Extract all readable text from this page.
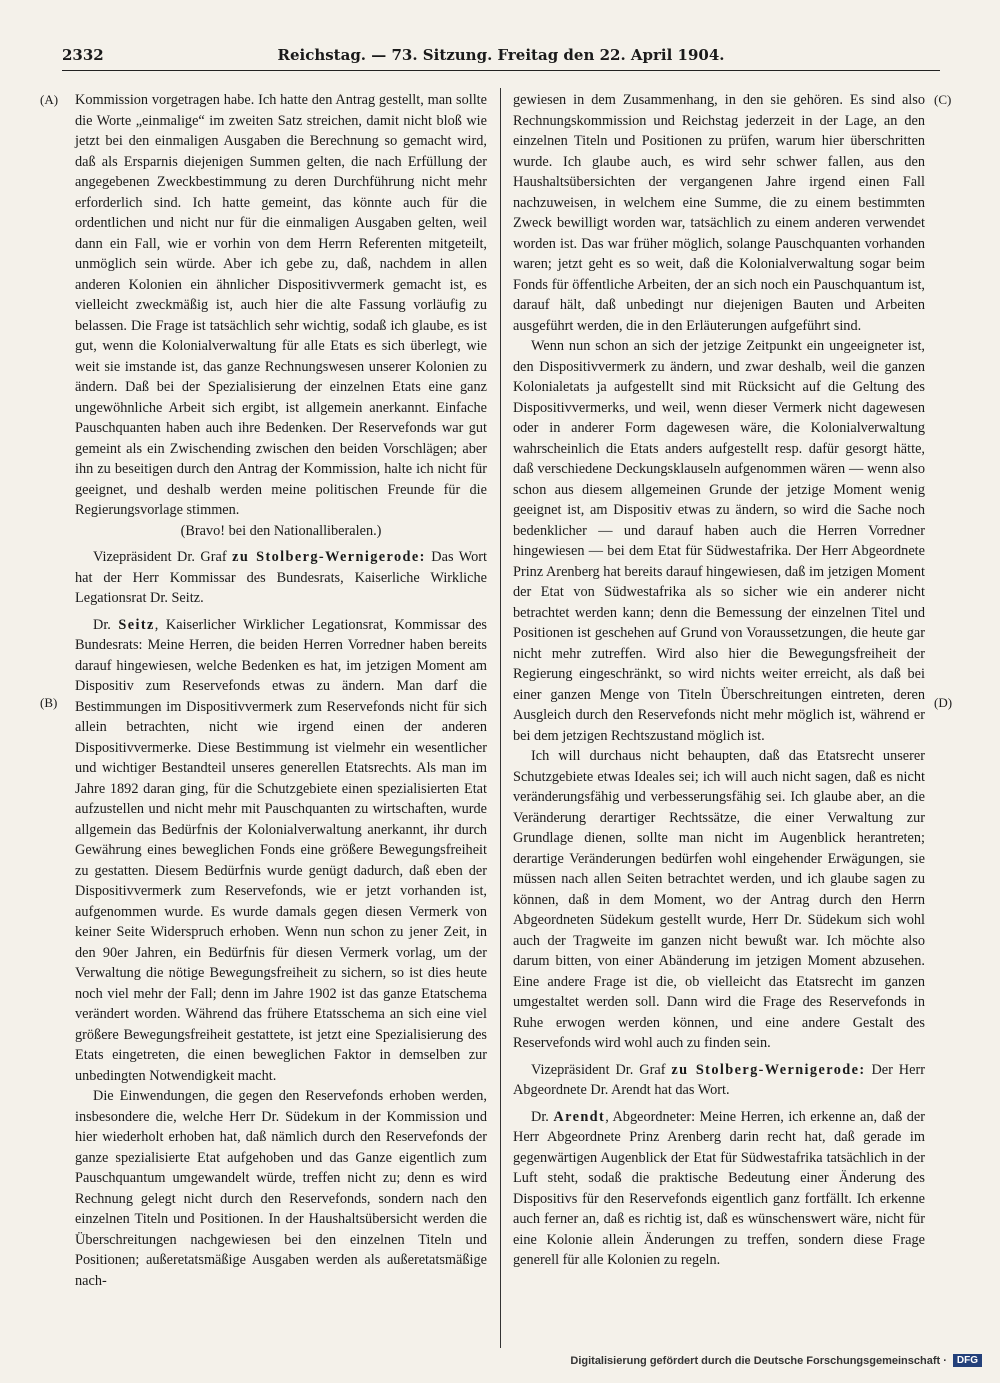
2332	Reichstag. — 73. Sitzung. Freitag den 22. April 1904.
(A)
(B)
(C)
(D)

Kommission vorgetragen habe. Ich hatte den Antrag gestellt, man sollte die Worte „einmalige“ im zweiten Satz streichen, damit nicht bloß wie jetzt bei den einmaligen Ausgaben die Berechnung so gemacht wird, daß als Ersparnis diejenigen Summen gelten, die nach Erfüllung der angegebenen Zweckbestimmung zu deren Durchführung nicht mehr erforderlich sind. Ich hatte gemeint, das könnte auch für die ordentlichen und nicht nur für die einmaligen Ausgaben gelten, weil dann ein Fall, wie er vorhin von dem Herrn Referenten mitgeteilt, unmöglich sein würde. Aber ich gebe zu, daß, nachdem in allen anderen Kolonien ein ähnlicher Dispositivvermerk gemacht ist, es vielleicht zweckmäßig ist, auch hier die alte Fassung vorläufig zu belassen. Die Frage ist tatsächlich sehr wichtig, sodaß ich glaube, es ist gut, wenn die Kolonialverwaltung für alle Etats es sich überlegt, wie weit sie imstande ist, das ganze Rechnungswesen unserer Kolonien zu ändern. Daß bei der Spezialisierung der einzelnen Etats eine ganz ungewöhnliche Arbeit sich ergibt, ist allgemein anerkannt. Einfache Pauschquanten haben auch ihre Bedenken. Der Reservefonds war gut gemeint als ein Zwischending zwischen den beiden Vorschlägen; aber ihn zu beseitigen durch den Antrag der Kommission, halte ich nicht für geeignet, und deshalb werden meine politischen Freunde für die Regierungsvorlage stimmen.

(Bravo! bei den Nationalliberalen.)

Vizepräsident Dr. Graf zu Stolberg-Wernigerode: Das Wort hat der Herr Kommissar des Bundesrats, Kaiserliche Wirkliche Legationsrat Dr. Seitz.

Dr. Seitz, Kaiserlicher Wirklicher Legationsrat, Kommissar des Bundesrats: Meine Herren, die beiden Herren Vorredner haben bereits darauf hingewiesen, welche Bedenken es hat, im jetzigen Moment am Dispositiv zum Reservefonds etwas zu ändern. Man darf die Bestimmungen im Dispositivvermerk zum Reservefonds nicht für sich allein betrachten, nicht wie irgend einen der anderen Dispositivvermerke. Diese Bestimmung ist vielmehr ein wesentlicher und wichtiger Bestandteil unseres generellen Etatsrechts. Als man im Jahre 1892 daran ging, für die Schutzgebiete einen spezialisierten Etat aufzustellen und nicht mehr mit Pauschquanten zu wirtschaften, wurde allgemein das Bedürfnis der Kolonialverwaltung anerkannt, ihr durch Gewährung eines beweglichen Fonds eine größere Bewegungsfreiheit zu gestatten. Diesem Bedürfnis wurde genügt dadurch, daß eben der Dispositivvermerk zum Reservefonds, wie er jetzt vorhanden ist, aufgenommen wurde. Es wurde damals gegen diesen Vermerk von keiner Seite Widerspruch erhoben. Wenn nun schon zu jener Zeit, in den 90er Jahren, ein Bedürfnis für diesen Vermerk vorlag, um der Verwaltung die nötige Bewegungsfreiheit zu sichern, so ist dies heute noch viel mehr der Fall; denn im Jahre 1902 ist das ganze Etatschema verändert worden. Während das frühere Etatsschema an sich eine viel größere Bewegungsfreiheit gestattete, ist jetzt eine Spezialisierung des Etats eingetreten, die einen beweglichen Faktor in demselben zur unbedingten Notwendigkeit macht.

Die Einwendungen, die gegen den Reservefonds erhoben werden, insbesondere die, welche Herr Dr. Südekum in der Kommission und hier wiederholt erhoben hat, daß nämlich durch den Reservefonds der ganze spezialisierte Etat aufgehoben und das Ganze eigentlich zum Pauschquantum umgewandelt würde, treffen nicht zu; denn es wird Rechnung gelegt nicht durch den Reservefonds, sondern nach den einzelnen Titeln und Positionen. In der Haushaltsübersicht werden die Überschreitungen nachgewiesen bei den einzelnen Titeln und Positionen; außeretatsmäßige Ausgaben werden als außeretatsmäßige nach-

gewiesen in dem Zusammenhang, in den sie gehören. Es sind also Rechnungskommission und Reichstag jederzeit in der Lage, an den einzelnen Titeln und Positionen zu prüfen, warum hier überschritten wurde. Ich glaube auch, es wird sehr schwer fallen, aus den Haushaltsübersichten der vergangenen Jahre irgend einen Fall nachzuweisen, in welchem eine Summe, die zu einem bestimmten Zweck bewilligt worden war, tatsächlich zu einem anderen verwendet worden ist. Das war früher möglich, solange Pauschquanten vorhanden waren; jetzt geht es so weit, daß die Kolonialverwaltung sogar beim Fonds für öffentliche Arbeiten, der an sich noch ein Pauschquantum ist, darauf hält, daß unbedingt nur diejenigen Bauten und Arbeiten ausgeführt werden, die in den Erläuterungen aufgeführt sind.

Wenn nun schon an sich der jetzige Zeitpunkt ein ungeeigneter ist, den Dispositivvermerk zu ändern, und zwar deshalb, weil die ganzen Kolonialetats ja aufgestellt sind mit Rücksicht auf die Geltung des Dispositivvermerks, und weil, wenn dieser Vermerk nicht dagewesen oder in anderer Form dagewesen wäre, die Kolonialverwaltung wahrscheinlich die Etats anders aufgestellt resp. dafür gesorgt hätte, daß verschiedene Deckungsklauseln aufgenommen wären — wenn also schon aus diesem allgemeinen Grunde der jetzige Moment wenig geeignet ist, am Dispositiv etwas zu ändern, so wird die Sache noch bedenklicher — und darauf haben auch die Herren Vorredner hingewiesen — bei dem Etat für Südwestafrika. Der Herr Abgeordnete Prinz Arenberg hat bereits darauf hingewiesen, daß im jetzigen Moment der Etat von Südwestafrika als so sicher wie ein anderer nicht betrachtet werden kann; denn die Bemessung der einzelnen Titel und Positionen ist geschehen auf Grund von Voraussetzungen, die heute gar nicht mehr zutreffen. Wird also hier die Bewegungsfreiheit der Regierung eingeschränkt, so wird nichts weiter erreicht, als daß bei einer ganzen Menge von Titeln Überschreitungen eintreten, deren Ausgleich durch den Reservefonds nicht mehr möglich ist, während er bei dem jetzigen Rechtszustand möglich ist.

Ich will durchaus nicht behaupten, daß das Etatsrecht unserer Schutzgebiete etwas Ideales sei; ich will auch nicht sagen, daß es nicht veränderungsfähig und verbesserungsfähig sei. Ich glaube aber, an die Veränderung derartiger Rechtssätze, die einer Verwaltung zur Grundlage dienen, sollte man nicht im Augenblick herantreten; derartige Veränderungen bedürfen wohl eingehender Erwägungen, sie müssen nach allen Seiten betrachtet werden, und ich glaube sagen zu können, daß in dem Moment, wo der Antrag durch den Herrn Abgeordneten Südekum gestellt wurde, Herr Dr. Südekum sich wohl auch der Tragweite im ganzen nicht bewußt war. Ich möchte also darum bitten, von einer Abänderung im jetzigen Moment abzusehen. Eine andere Frage ist die, ob vielleicht das Etatsrecht im ganzen umgestaltet werden soll. Dann wird die Frage des Reservefonds in Ruhe erwogen werden können, und eine andere Gestalt des Reservefonds wird wohl auch zu finden sein.

Vizepräsident Dr. Graf zu Stolberg-Wernigerode: Der Herr Abgeordnete Dr. Arendt hat das Wort.

Dr. Arendt, Abgeordneter: Meine Herren, ich erkenne an, daß der Herr Abgeordnete Prinz Arenberg darin recht hat, daß gerade im gegenwärtigen Augenblick der Etat für Südwestafrika tatsächlich in der Luft steht, sodaß die praktische Bedeutung einer Änderung des Dispositivs für den Reservefonds eigentlich ganz fortfällt. Ich erkenne auch ferner an, daß es richtig ist, daß es wünschenswert wäre, nicht für eine Kolonie allein Änderungen zu treffen, sondern diese Frage generell für alle Kolonien zu regeln.

Digitalisierung gefördert durch die Deutsche Forschungsgemeinschaft ·	DFG
